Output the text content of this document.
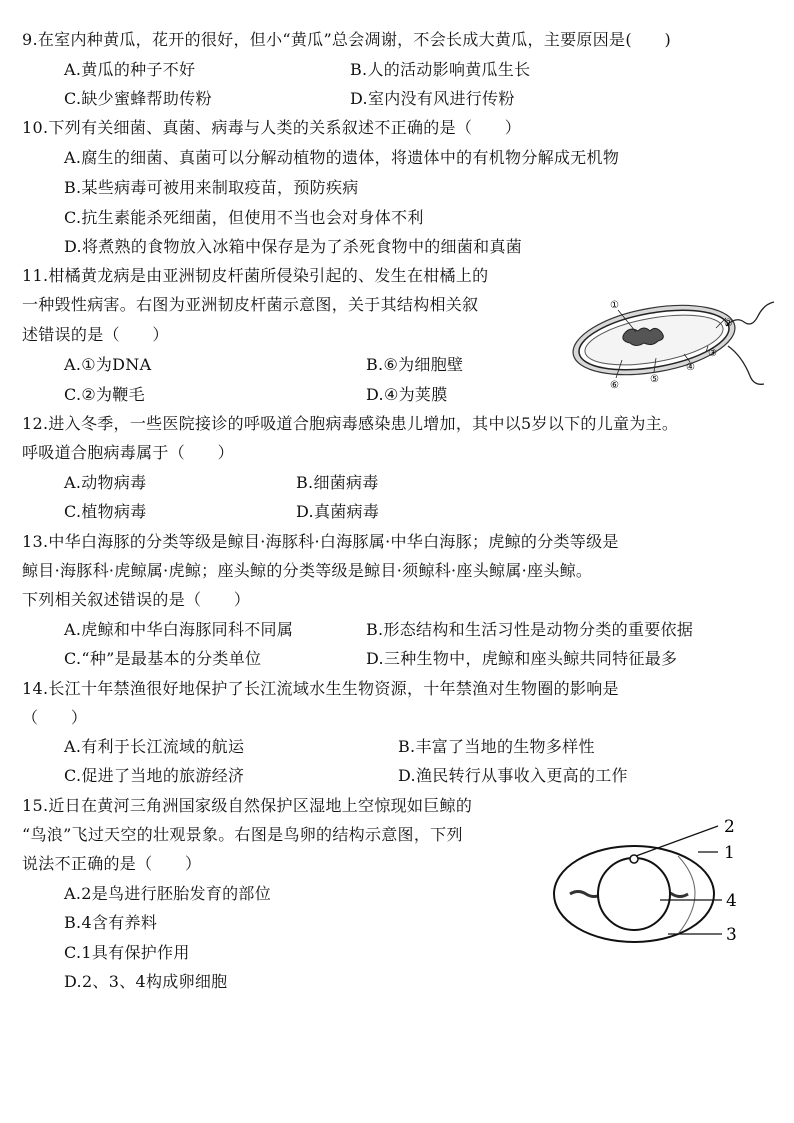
9.在室内种黄瓜，花开的很好，但小“黄瓜”总会凋谢，不会长成大黄瓜，主要原因是(　　)
A.黄瓜的种子不好	B.人的活动影响黄瓜生长
C.缺少蜜蜂帮助传粉	D.室内没有风进行传粉
10.下列有关细菌、真菌、病毒与人类的关系叙述不正确的是（　　）
A.腐生的细菌、真菌可以分解动植物的遗体，将遗体中的有机物分解成无机物
B.某些病毒可被用来制取疫苗，预防疾病
C.抗生素能杀死细菌，但使用不当也会对身体不利
D.将煮熟的食物放入冰箱中保存是为了杀死食物中的细菌和真菌
11.柑橘黄龙病是由亚洲韧皮杆菌所侵染引起的、发生在柑橘上的
一种毁性病害。右图为亚洲韧皮杆菌示意图，关于其结构相关叙
述错误的是（　　）
A.①为DNA	B.⑥为细胞壁
C.②为鞭毛	D.④为荚膜
①
②
③
④
⑤
⑥
12.进入冬季，一些医院接诊的呼吸道合胞病毒感染患儿增加，其中以5岁以下的儿童为主。
呼吸道合胞病毒属于（　　）
A.动物病毒	B.细菌病毒
C.植物病毒	D.真菌病毒
13.中华白海豚的分类等级是鲸目·海豚科·白海豚属·中华白海豚；虎鲸的分类等级是
鲸目·海豚科·虎鲸属·虎鲸；座头鲸的分类等级是鲸目·须鲸科·座头鲸属·座头鲸。
下列相关叙述错误的是（　　）
A.虎鲸和中华白海豚同科不同属	B.形态结构和生活习性是动物分类的重要依据
C.“种”是最基本的分类单位	D.三种生物中，虎鲸和座头鲸共同特征最多
14.长江十年禁渔很好地保护了长江流域水生生物资源，十年禁渔对生物圈的影响是
（　　）
A.有利于长江流域的航运	B.丰富了当地的生物多样性
C.促进了当地的旅游经济	D.渔民转行从事收入更高的工作
15.近日在黄河三角洲国家级自然保护区湿地上空惊现如巨鲸的
“鸟浪”飞过天空的壮观景象。右图是鸟卵的结构示意图，下列
说法不正确的是（　　）
A.2是鸟进行胚胎发育的部位
B.4含有养料
C.1具有保护作用
D.2、3、4构成卵细胞
2
1
4
3
